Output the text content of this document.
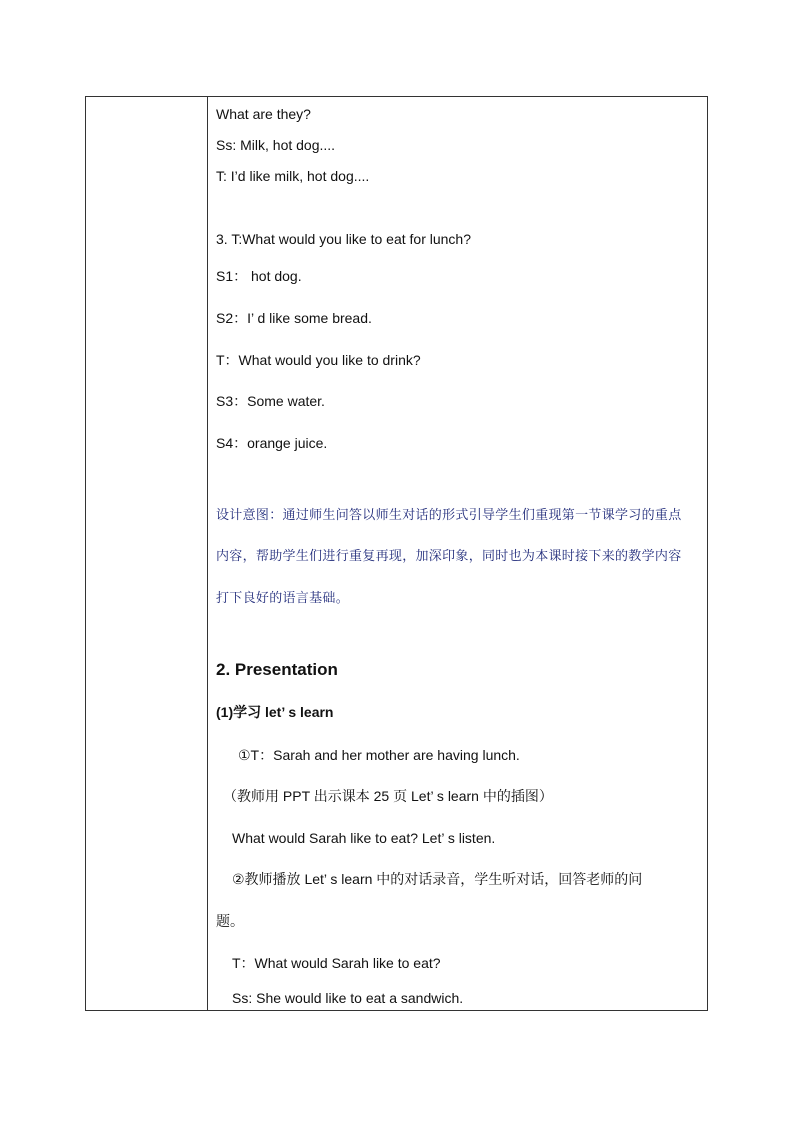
What are they?
Ss: Milk, hot dog....
T: I’d like milk, hot dog....
3. T:What would you like to eat for lunch?
S1： hot dog.
S2：I’ d like some bread.
T：What would you like to drink?
S3：Some water.
S4：orange juice.
设计意图：通过师生问答以师生对话的形式引导学生们重现第一节课学习的重点
内容，帮助学生们进行重复再现，加深印象，同时也为本课时接下来的教学内容
打下良好的语言基础。
2. Presentation
(1)学习 let’ s learn
①T：Sarah and her mother are having lunch.
（教师用 PPT 出示课本 25 页 Let’ s learn 中的插图）
What would Sarah like to eat? Let’ s listen.
②教师播放 Let’ s learn 中的对话录音，学生听对话，回答老师的问
题。
T：What would Sarah like to eat?
Ss: She would like to eat a sandwich.
